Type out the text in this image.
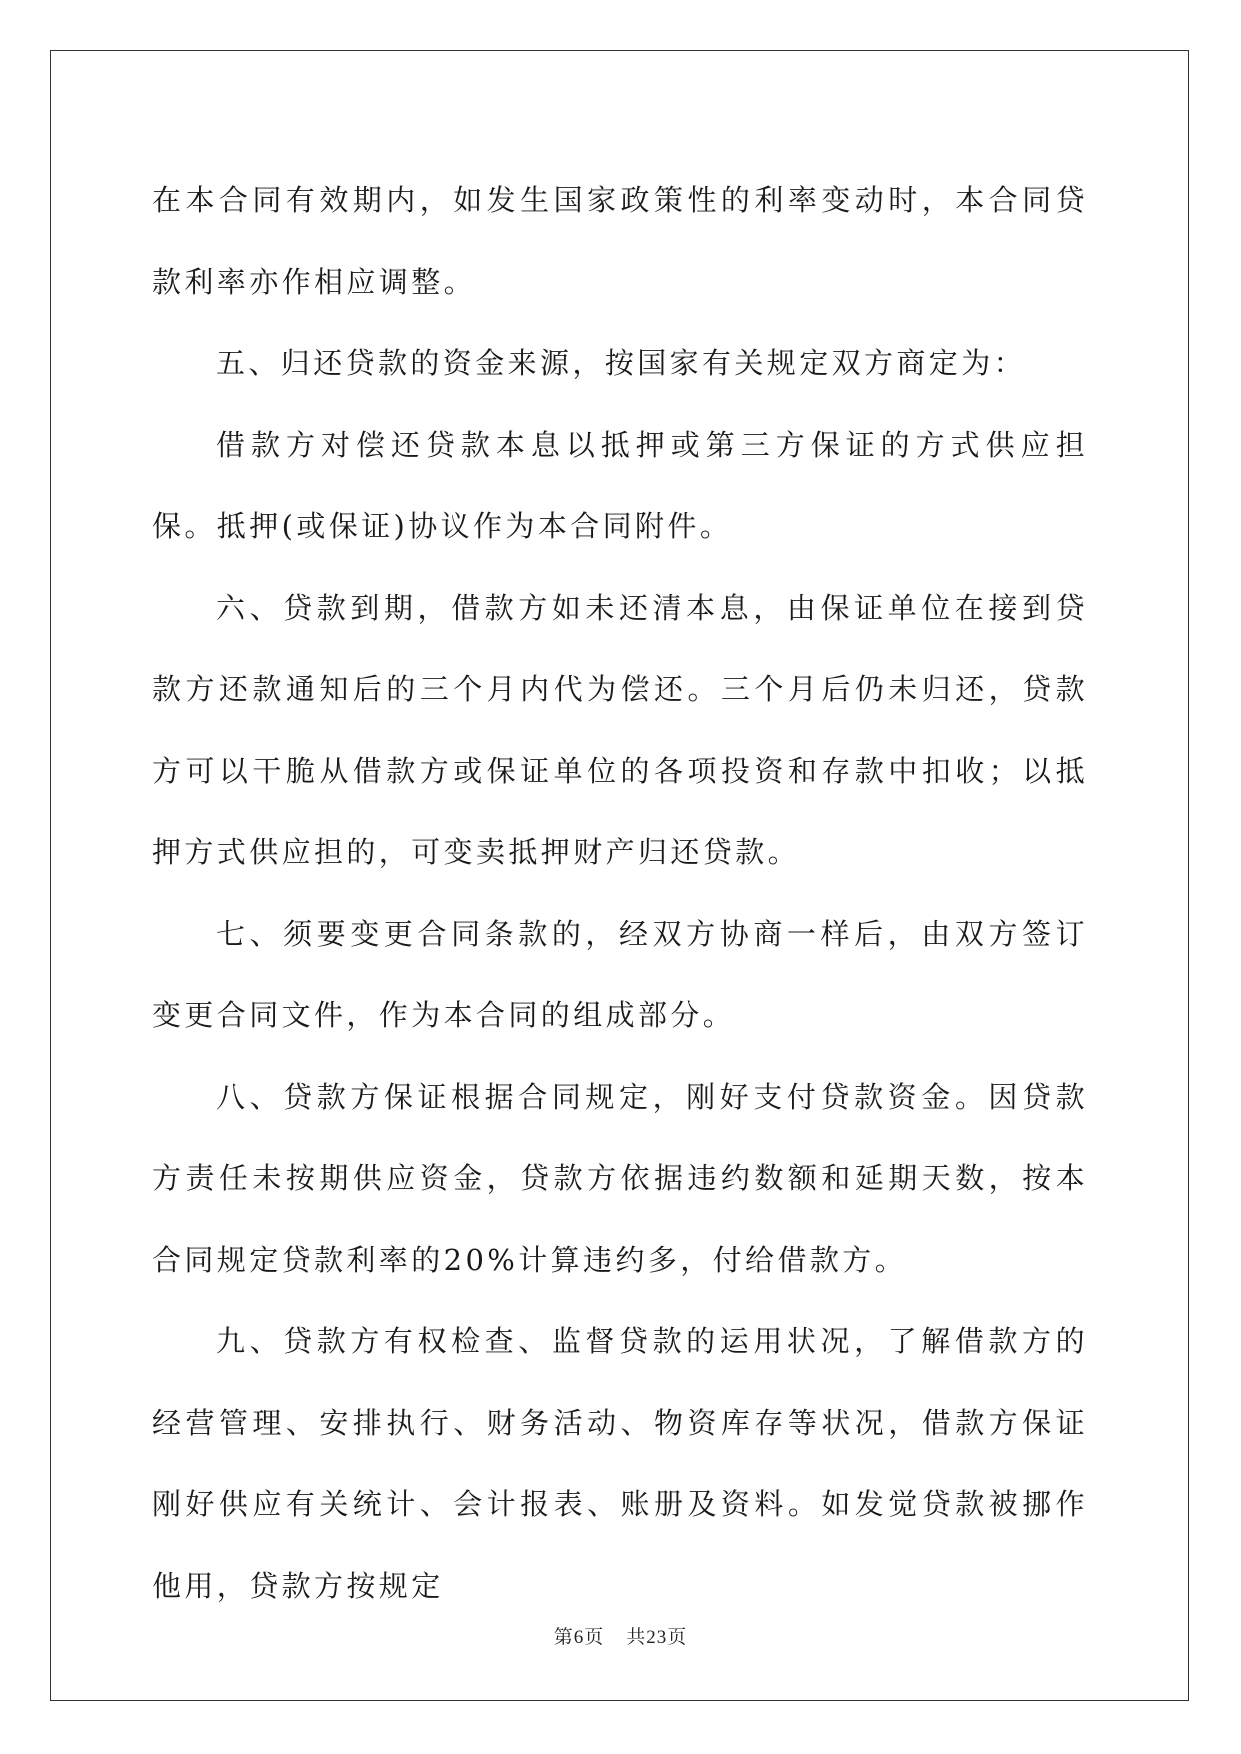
在本合同有效期内，如发生国家政策性的利率变动时，本合同贷款利率亦作相应调整。

五、归还贷款的资金来源，按国家有关规定双方商定为：

借款方对偿还贷款本息以抵押或第三方保证的方式供应担保。抵押(或保证)协议作为本合同附件。

六、贷款到期，借款方如未还清本息，由保证单位在接到贷款方还款通知后的三个月内代为偿还。三个月后仍未归还，贷款方可以干脆从借款方或保证单位的各项投资和存款中扣收；以抵押方式供应担的，可变卖抵押财产归还贷款。

七、须要变更合同条款的，经双方协商一样后，由双方签订变更合同文件，作为本合同的组成部分。

八、贷款方保证根据合同规定，刚好支付贷款资金。因贷款方责任未按期供应资金，贷款方依据违约数额和延期天数，按本合同规定贷款利率的20%计算违约多，付给借款方。

九、贷款方有权检查、监督贷款的运用状况，了解借款方的经营管理、安排执行、财务活动、物资库存等状况，借款方保证刚好供应有关统计、会计报表、账册及资料。如发觉贷款被挪作他用，贷款方按规定

第6页 共23页
